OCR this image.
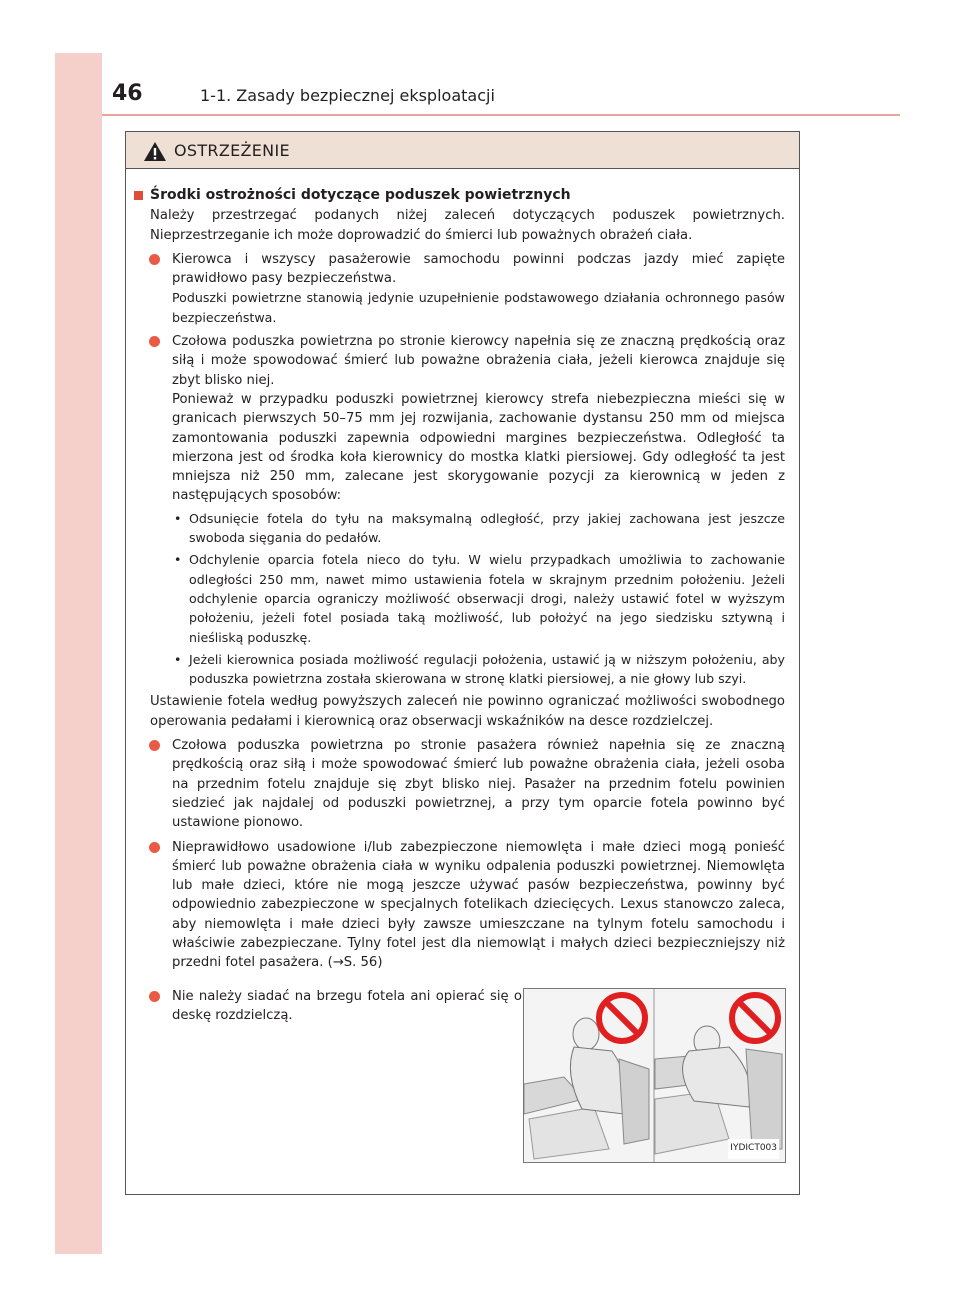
46	1-1. Zasady bezpiecznej eksploatacji
OSTRZEŻENIE
Środki ostrożności dotyczące poduszek powietrznych

Należy przestrzegać podanych niżej zaleceń dotyczących poduszek powietrznych. Nieprzestrzeganie ich może doprowadzić do śmierci lub poważnych obrażeń ciała.

Kierowca i wszyscy pasażerowie samochodu powinni podczas jazdy mieć zapięte prawidłowo pasy bezpieczeństwa.

Poduszki powietrzne stanowią jedynie uzupełnienie podstawowego działania ochronnego pasów bezpieczeństwa.

Czołowa poduszka powietrzna po stronie kierowcy napełnia się ze znaczną prędkością oraz siłą i może spowodować śmierć lub poważne obrażenia ciała, jeżeli kierowca znajduje się zbyt blisko niej.

Ponieważ w przypadku poduszki powietrznej kierowcy strefa niebezpieczna mieści się w granicach pierwszych 50–75 mm jej rozwijania, zachowanie dystansu 250 mm od miejsca zamontowania poduszki zapewnia odpowiedni margines bezpieczeństwa. Odległość ta mierzona jest od środka koła kierownicy do mostka klatki piersiowej. Gdy odległość ta jest mniejsza niż 250 mm, zalecane jest skorygowanie pozycji za kierownicą w jeden z następujących sposobów:

• Odsunięcie fotela do tyłu na maksymalną odległość, przy jakiej zachowana jest jeszcze swoboda sięgania do pedałów.

• Odchylenie oparcia fotela nieco do tyłu. W wielu przypadkach umożliwia to zachowanie odległości 250 mm, nawet mimo ustawienia fotela w skrajnym przednim położeniu. Jeżeli odchylenie oparcia ograniczy możliwość obserwacji drogi, należy ustawić fotel w wyższym położeniu, jeżeli fotel posiada taką możliwość, lub położyć na jego siedzisku sztywną i nieśliską poduszkę.

• Jeżeli kierownica posiada możliwość regulacji położenia, ustawić ją w niższym położeniu, aby poduszka powietrzna została skierowana w stronę klatki piersiowej, a nie głowy lub szyi.

Ustawienie fotela według powyższych zaleceń nie powinno ograniczać możliwości swobodnego operowania pedałami i kierownicą oraz obserwacji wskaźników na desce rozdzielczej.

Czołowa poduszka powietrzna po stronie pasażera również napełnia się ze znaczną prędkością oraz siłą i może spowodować śmierć lub poważne obrażenia ciała, jeżeli osoba na przednim fotelu znajduje się zbyt blisko niej. Pasażer na przednim fotelu powinien siedzieć jak najdalej od poduszki powietrznej, a przy tym oparcie fotela powinno być ustawione pionowo.

Nieprawidłowo usadowione i/lub zabezpieczone niemowlęta i małe dzieci mogą ponieść śmierć lub poważne obrażenia ciała w wyniku odpalenia poduszki powietrznej. Niemowlęta lub małe dzieci, które nie mogą jeszcze używać pasów bezpieczeństwa, powinny być odpowiednio zabezpieczone w specjalnych fotelikach dziecięcych. Lexus stanowczo zaleca, aby niemowlęta i małe dzieci były zawsze umieszczane na tylnym fotelu samochodu i właściwie zabezpieczane. Tylny fotel jest dla niemowląt i małych dzieci bezpieczniejszy niż przedni fotel pasażera. (→S. 56)

Nie należy siadać na brzegu fotela ani opierać się o deskę rozdzielczą.

IYDICT003
